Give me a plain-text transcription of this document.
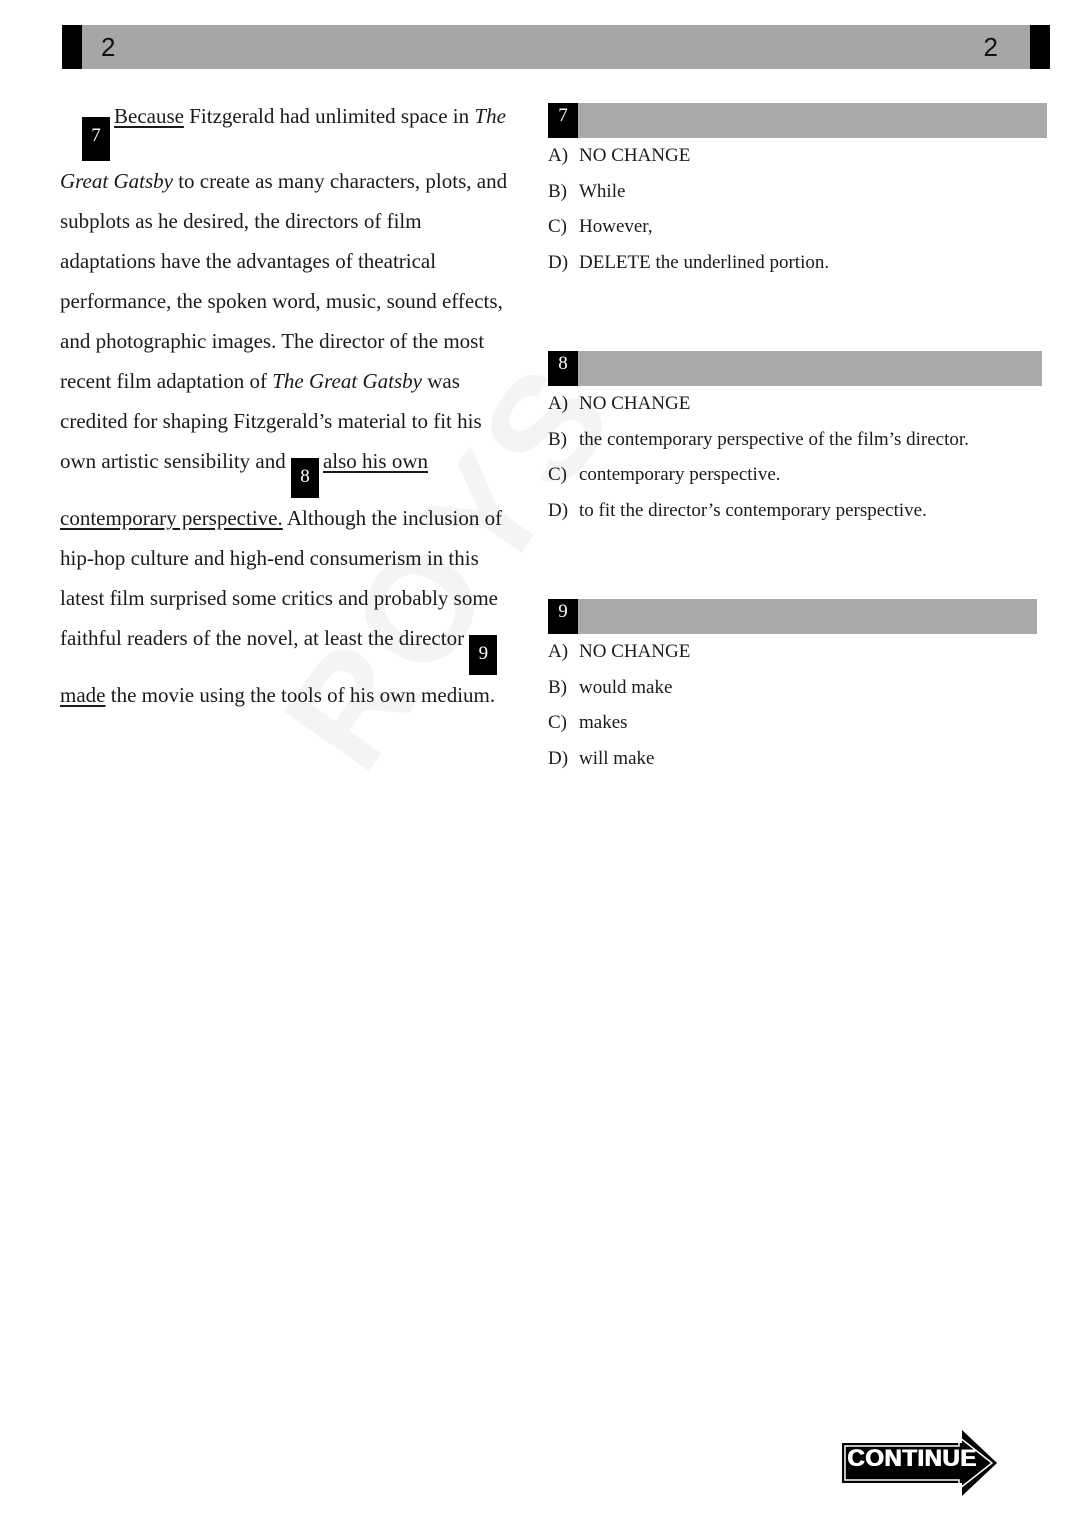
2	2

7Because Fitzgerald had unlimited space in The Great Gatsby to create as many characters, plots, and subplots as he desired, the directors of film adaptations have the advantages of theatrical performance, the spoken word, music, sound effects, and photographic images. The director of the most recent film adaptation of The Great Gatsby was credited for shaping Fitzgerald’s material to fit his own artistic sensibility and 8also his own contemporary perspective. Although the inclusion of hip-hop culture and high-end consumerism in this latest film surprised some critics and probably some faithful readers of the novel, at least the director 9made the movie using the tools of his own medium.

7
A) NO CHANGE
B) While
C) However,
D) DELETE the underlined portion.
8
A) NO CHANGE
B) the contemporary perspective of the film’s director.
C) contemporary perspective.
D) to fit the director’s contemporary perspective.
9
A) NO CHANGE
B) would make
C) makes
D) will make
CONTINUE
